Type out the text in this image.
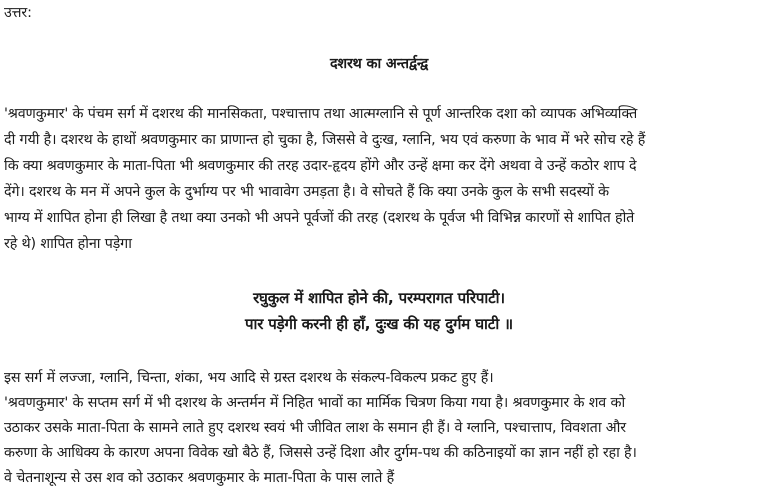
उत्तर:
दशरथ का अन्तर्द्वन्द्व
'श्रवणकुमार' के पंचम सर्ग में दशरथ की मानसिकता, पश्चात्ताप तथा आत्मग्लानि से पूर्ण आन्तरिक दशा को व्यापक अभिव्यक्ति
दी गयी है। दशरथ के हाथों श्रवणकुमार का प्राणान्त हो चुका है, जिससे वे दुःख, ग्लानि, भय एवं करुणा के भाव में भरे सोच रहे हैं
कि क्या श्रवणकुमार के माता-पिता भी श्रवणकुमार की तरह उदार-हृदय होंगे और उन्हें क्षमा कर देंगे अथवा वे उन्हें कठोर शाप दे
देंगे। दशरथ के मन में अपने कुल के दुर्भाग्य पर भी भावावेग उमड़ता है। वे सोचते हैं कि क्या उनके कुल के सभी सदस्यों के
भाग्य में शापित होना ही लिखा है तथा क्या उनको भी अपने पूर्वजों की तरह (दशरथ के पूर्वज भी विभिन्न कारणों से शापित होते
रहे थे) शापित होना पड़ेगा
रघुकुल में शापित होने की, परम्परागत परिपाटी।
पार पड़ेगी करनी ही हाँ, दुःख की यह दुर्गम घाटी ॥
इस सर्ग में लज्जा, ग्लानि, चिन्ता, शंका, भय आदि से ग्रस्त दशरथ के संकल्प-विकल्प प्रकट हुए हैं।
'श्रवणकुमार' के सप्तम सर्ग में भी दशरथ के अन्तर्मन में निहित भावों का मार्मिक चित्रण किया गया है। श्रवणकुमार के शव को
उठाकर उसके माता-पिता के सामने लाते हुए दशरथ स्वयं भी जीवित लाश के समान ही हैं। वे ग्लानि, पश्चात्ताप, विवशता और
करुणा के आधिक्य के कारण अपना विवेक खो बैठे हैं, जिससे उन्हें दिशा और दुर्गम-पथ की कठिनाइयों का ज्ञान नहीं हो रहा है।
वे चेतनाशून्य से उस शव को उठाकर श्रवणकुमार के माता-पिता के पास लाते हैं
